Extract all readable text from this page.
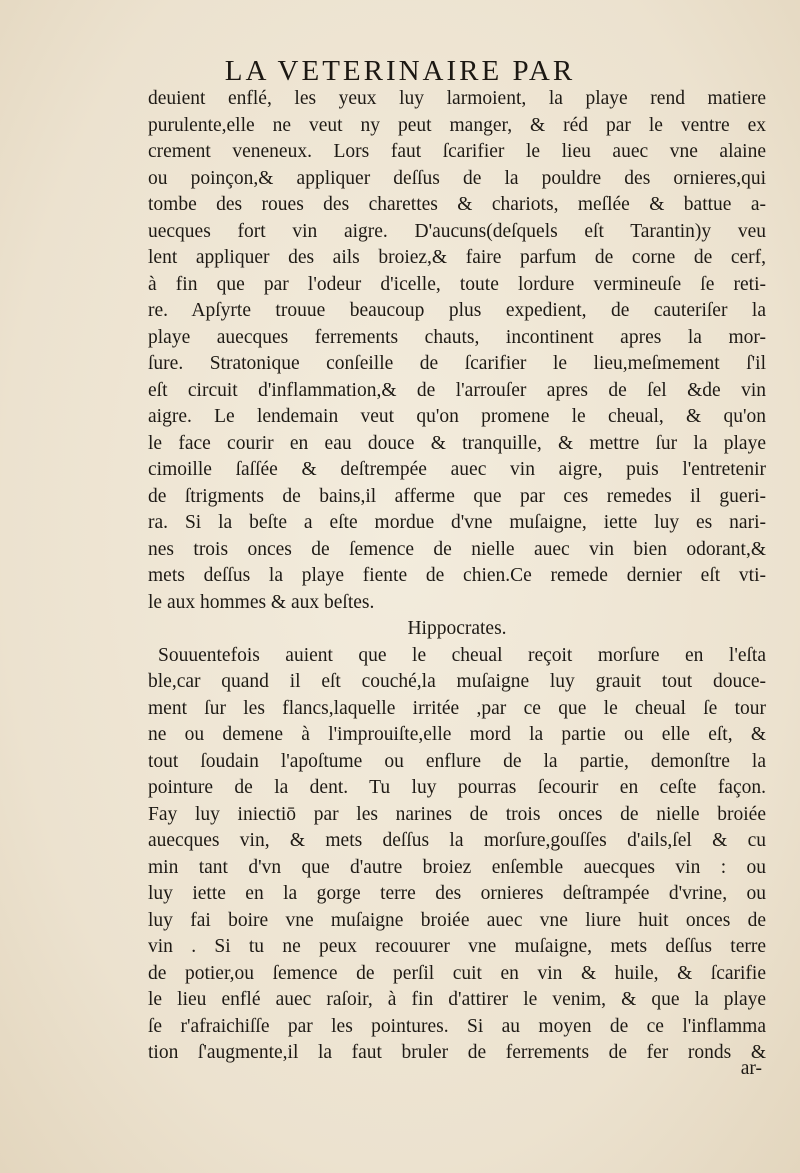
LA VETERINAIRE PAR
deuient enflé, les yeux luy larmoient, la playe rend matiere
purulente,elle ne veut ny peut manger, & réd par le ventre ex
crement veneneux. Lors faut ſcarifier le lieu auec vne alaine
ou poinçon,& appliquer deſſus de la pouldre des ornieres,qui
tombe des roues des charettes & chariots, meſlée & battue a-
uecques fort vin aigre. D'aucuns(deſquels eſt Tarantin)y veu
lent appliquer des ails broiez,& faire parfum de corne de cerf,
à fin que par l'odeur d'icelle, toute lordure vermineuſe ſe reti-
re. Apſyrte trouue beaucoup plus expedient, de cauteriſer la
playe auecques ferrements chauts, incontinent apres la mor-
ſure. Stratonique conſeille de ſcarifier le lieu,meſmement ſ'il
eſt circuit d'inflammation,& de l'arrouſer apres de ſel &de vin
aigre. Le lendemain veut qu'on promene le cheual, & qu'on
le face courir en eau douce & tranquille, & mettre ſur la playe
cimoille ſaſſée & deſtrempée auec vin aigre, puis l'entretenir
de ſtrigments de bains,il afferme que par ces remedes il gueri-
ra. Si la beſte a eſte mordue d'vne muſaigne, iette luy es nari-
nes trois onces de ſemence de nielle auec vin bien odorant,&
mets deſſus la playe fiente de chien.Ce remede dernier eſt vti-
le aux hommes & aux beſtes.
Hippocrates.
Souuentefois auient que le cheual reçoit morſure en l'eſta
ble,car quand il eſt couché,la muſaigne luy grauit tout douce-
ment ſur les flancs,laquelle irritée ,par ce que le cheual ſe tour
ne ou demene à l'improuiſte,elle mord la partie ou elle eſt, &
tout ſoudain l'apoſtume ou enflure de la partie, demonſtre la
pointure de la dent. Tu luy pourras ſecourir en ceſte façon.
Fay luy iniectiō par les narines de trois onces de nielle broiée
auecques vin, & mets deſſus la morſure,gouſſes d'ails,ſel & cu
min tant d'vn que d'autre broiez enſemble auecques vin : ou
luy iette en la gorge terre des ornieres deſtrampée d'vrine, ou
luy fai boire vne muſaigne broiée auec vne liure huit onces de
vin . Si tu ne peux recouurer vne muſaigne, mets deſſus terre
de potier,ou ſemence de perſil cuit en vin & huile, & ſcarifie
le lieu enflé auec raſoir, à fin d'attirer le venim, & que la playe
ſe r'afraichiſſe par les pointures. Si au moyen de ce l'inflamma
tion ſ'augmente,il la faut bruler de ferrements de fer ronds &
ar-
